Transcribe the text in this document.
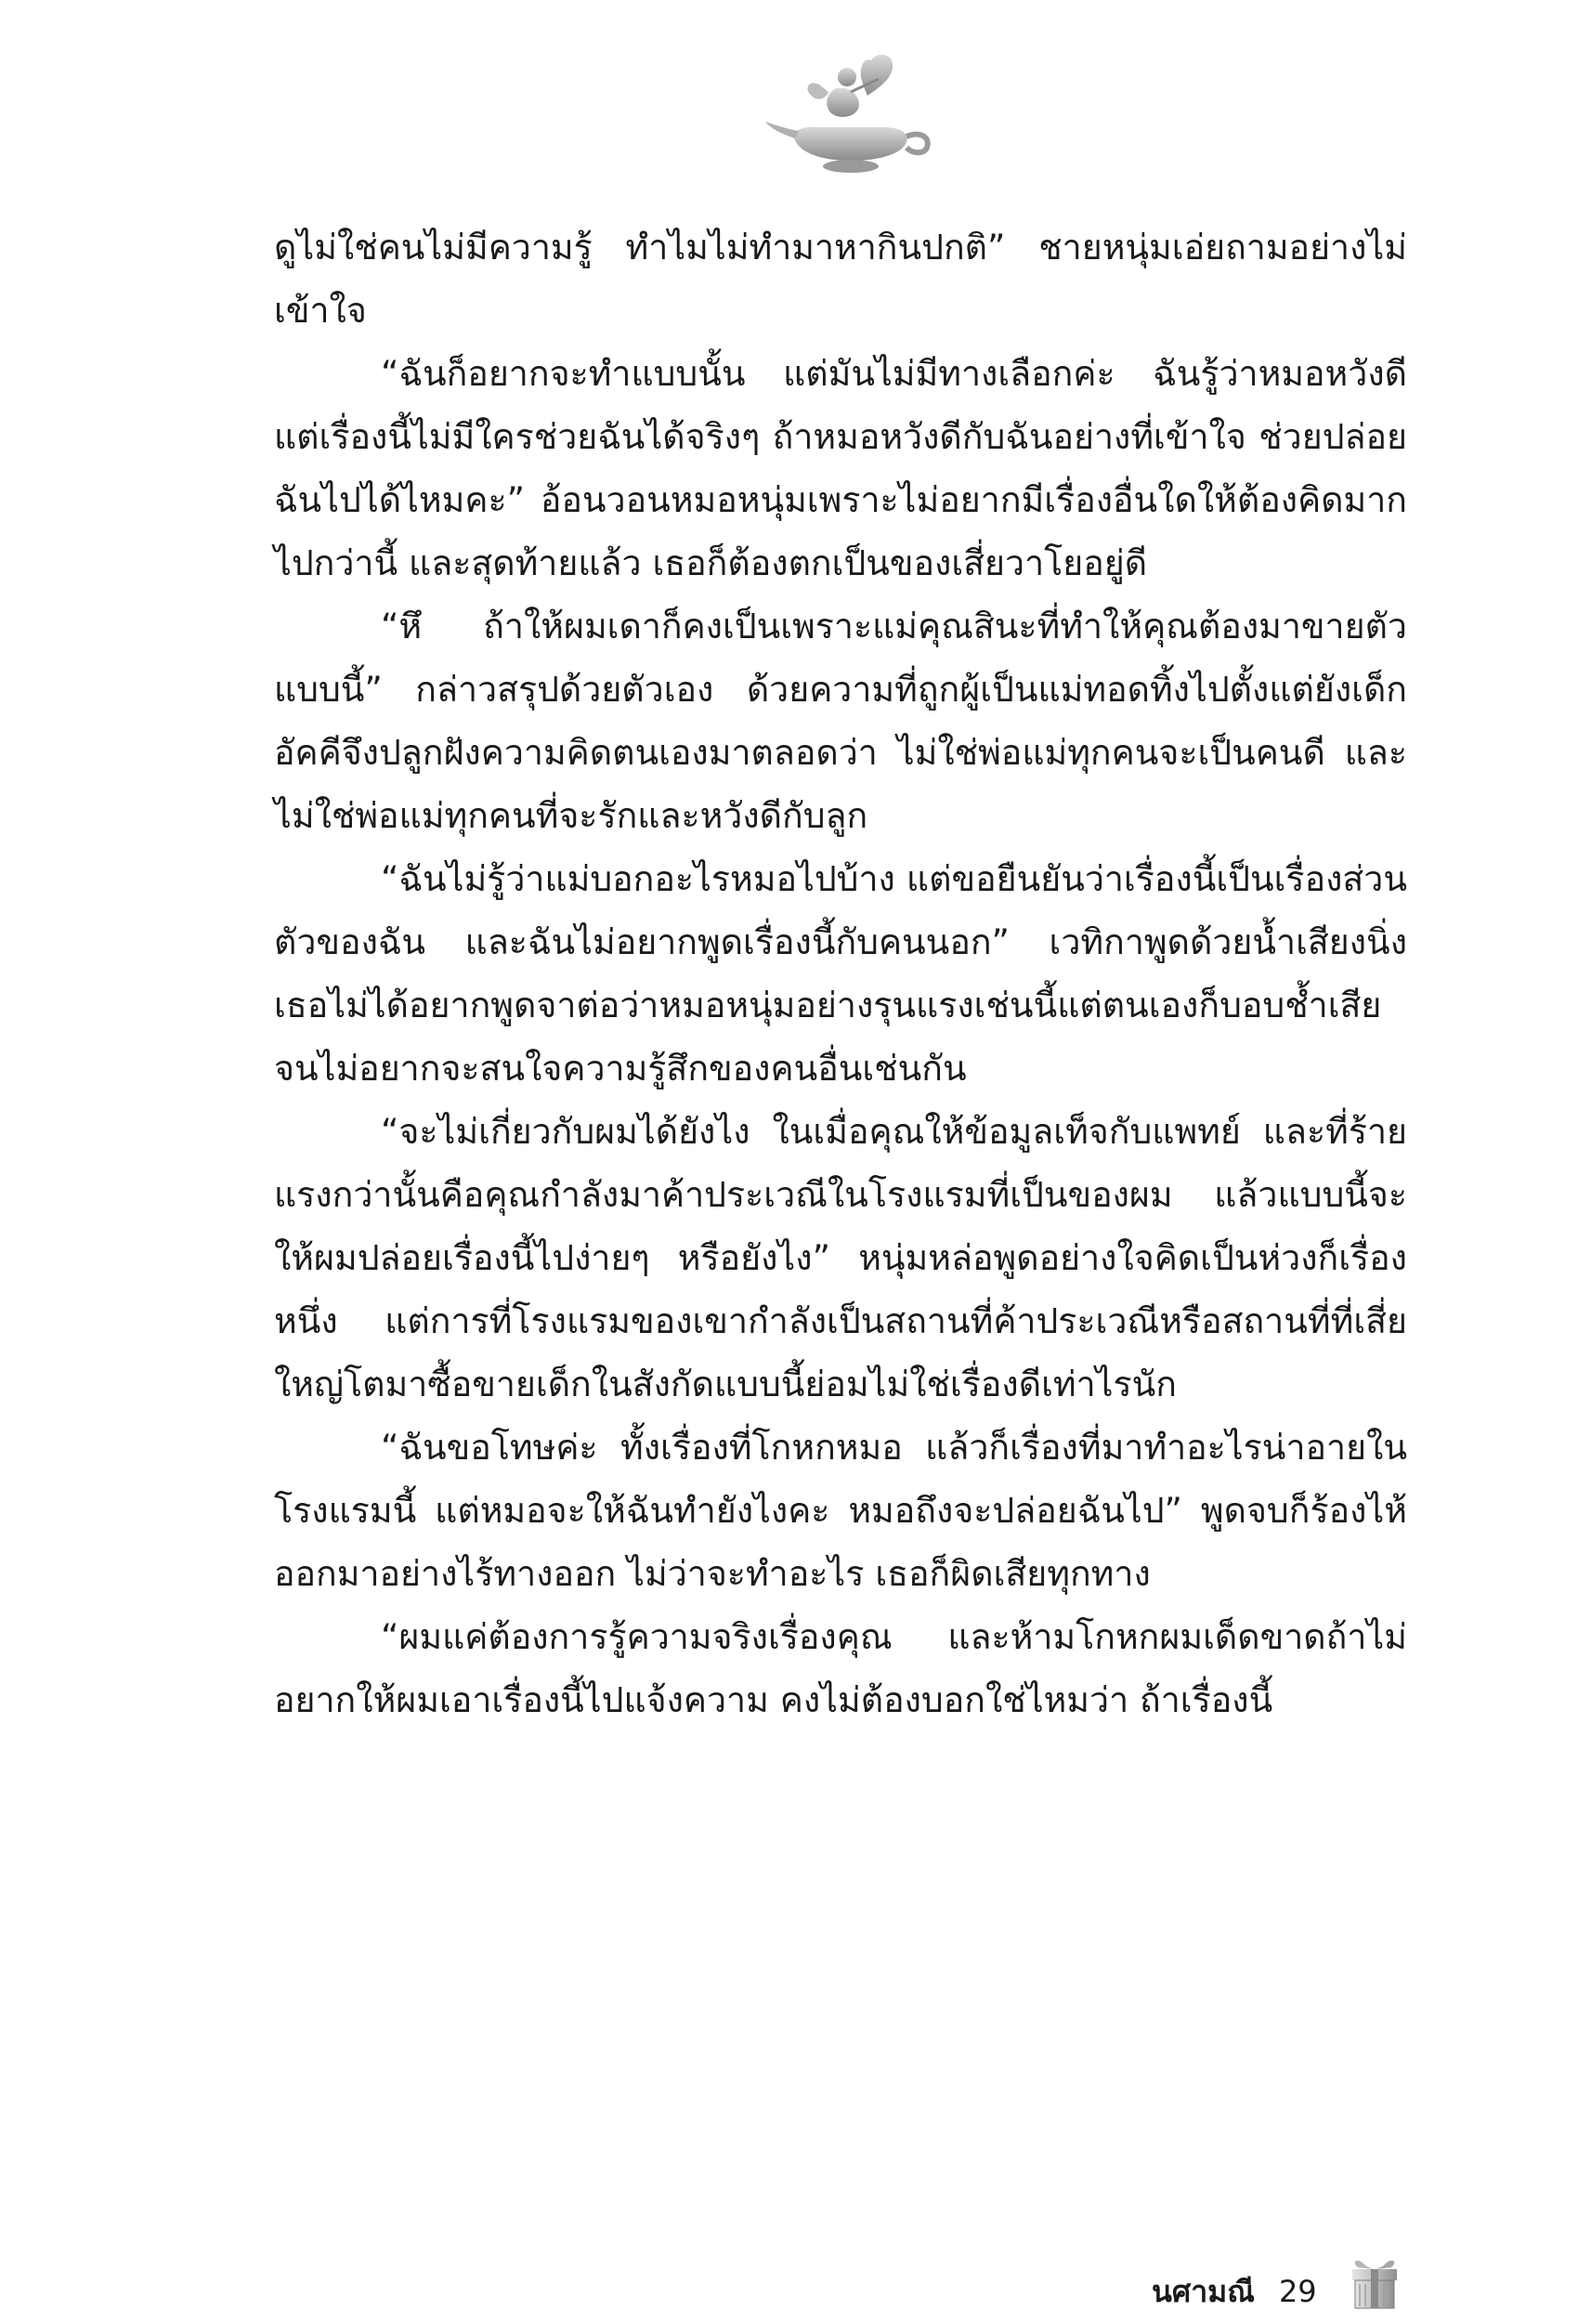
ดูไม่ใช่คนไม่มีความรู้ ทำไมไม่ทำมาหากินปกติ” ชายหนุ่มเอ่ยถามอย่างไม่เข้าใจ

“ฉันก็อยากจะทำแบบนั้น แต่มันไม่มีทางเลือกค่ะ ฉันรู้ว่าหมอหวังดี แต่เรื่องนี้ไม่มีใครช่วยฉันได้จริงๆ ถ้าหมอหวังดีกับฉันอย่างที่เข้าใจ ช่วยปล่อยฉันไปได้ไหมคะ” อ้อนวอนหมอหนุ่มเพราะไม่อยากมีเรื่องอื่นใดให้ต้องคิดมากไปกว่านี้ และสุดท้ายแล้ว เธอก็ต้องตกเป็นของเสี่ยวาโยอยู่ดี

“หึ ถ้าให้ผมเดาก็คงเป็นเพราะแม่คุณสินะที่ทำให้คุณต้องมาขายตัวแบบนี้” กล่าวสรุปด้วยตัวเอง ด้วยความที่ถูกผู้เป็นแม่ทอดทิ้งไปตั้งแต่ยังเด็ก อัคคีจึงปลูกฝังความคิดตนเองมาตลอดว่า ไม่ใช่พ่อแม่ทุกคนจะเป็นคนดี และไม่ใช่พ่อแม่ทุกคนที่จะรักและหวังดีกับลูก

“ฉันไม่รู้ว่าแม่บอกอะไรหมอไปบ้าง แต่ขอยืนยันว่าเรื่องนี้เป็นเรื่องส่วนตัวของฉัน และฉันไม่อยากพูดเรื่องนี้กับคนนอก” เวทิกาพูดด้วยน้ำเสียงนิ่ง เธอไม่ได้อยากพูดจาต่อว่าหมอหนุ่มอย่างรุนแรงเช่นนี้แต่ตนเองก็บอบช้ำเสียจนไม่อยากจะสนใจความรู้สึกของคนอื่นเช่นกัน

“จะไม่เกี่ยวกับผมได้ยังไง ในเมื่อคุณให้ข้อมูลเท็จกับแพทย์ และที่ร้ายแรงกว่านั้นคือคุณกำลังมาค้าประเวณีในโรงแรมที่เป็นของผม แล้วแบบนี้จะให้ผมปล่อยเรื่องนี้ไปง่ายๆ หรือยังไง” หนุ่มหล่อพูดอย่างใจคิดเป็นห่วงก็เรื่องหนึ่ง แต่การที่โรงแรมของเขากำลังเป็นสถานที่ค้าประเวณีหรือสถานที่ที่เสี่ยใหญ่โตมาซื้อขายเด็กในสังกัดแบบนี้ย่อมไม่ใช่เรื่องดีเท่าไรนัก

“ฉันขอโทษค่ะ ทั้งเรื่องที่โกหกหมอ แล้วก็เรื่องที่มาทำอะไรน่าอายในโรงแรมนี้ แต่หมอจะให้ฉันทำยังไงคะ หมอถึงจะปล่อยฉันไป” พูดจบก็ร้องไห้ออกมาอย่างไร้ทางออก ไม่ว่าจะทำอะไร เธอก็ผิดเสียทุกทาง

“ผมแค่ต้องการรู้ความจริงเรื่องคุณ และห้ามโกหกผมเด็ดขาดถ้าไม่อยากให้ผมเอาเรื่องนี้ไปแจ้งความ คงไม่ต้องบอกใช่ไหมว่า ถ้าเรื่องนี้

นศามณี 29
